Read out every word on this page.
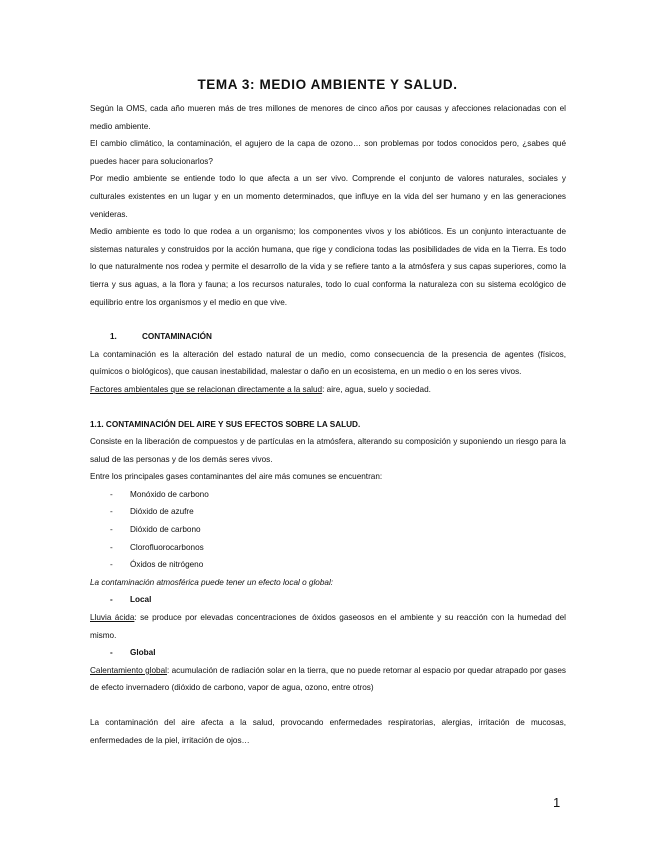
TEMA 3: MEDIO AMBIENTE Y SALUD.

Según la OMS, cada año mueren más de tres millones de menores de cinco años por causas y afecciones relacionadas con el medio ambiente.

El cambio climático, la contaminación, el agujero de la capa de ozono… son problemas por todos conocidos pero, ¿sabes qué puedes hacer para solucionarlos?

Por medio ambiente se entiende todo lo que afecta a un ser vivo. Comprende el conjunto de valores naturales, sociales y culturales existentes en un lugar y en un momento determinados, que influye en la vida del ser humano y en las generaciones venideras.

Medio ambiente es todo lo que rodea a un organismo; los componentes vivos y los abióticos. Es un conjunto interactuante de sistemas naturales y construidos por la acción humana, que rige y condiciona todas las posibilidades de vida en la Tierra. Es todo lo que naturalmente nos rodea y permite el desarrollo de la vida y se refiere tanto a la atmósfera y sus capas superiores, como la tierra y sus aguas, a la flora y fauna; a los recursos naturales, todo lo cual conforma la naturaleza con su sistema ecológico de equilibrio entre los organismos y el medio en que vive.

1.	CONTAMINACIÓN

La contaminación es la alteración del estado natural de un medio, como consecuencia de la presencia de agentes (físicos, químicos o biológicos), que causan inestabilidad, malestar o daño en un ecosistema, en un medio o en los seres vivos.

Factores ambientales que se relacionan directamente a la salud: aire, agua, suelo y sociedad.

1.1. CONTAMINACIÓN DEL AIRE Y SUS EFECTOS SOBRE LA SALUD.

Consiste en la liberación de compuestos y de partículas en la atmósfera, alterando su composición y suponiendo un riesgo para la salud de las personas y de los demás seres vivos.

Entre los principales gases contaminantes del aire más comunes se encuentran:

- Monóxido de carbono
- Dióxido de azufre
- Dióxido de carbono
- Clorofluorocarbonos
- Óxidos de nitrógeno

La contaminación atmosférica puede tener un efecto local o global:

- Local

Lluvia ácida: se produce por elevadas concentraciones de óxidos gaseosos en el ambiente y su reacción con la humedad del mismo.

- Global

Calentamiento global: acumulación de radiación solar en la tierra, que no puede retornar al espacio por quedar atrapado por gases de efecto invernadero (dióxido de carbono, vapor de agua, ozono, entre otros)

La contaminación del aire afecta a la salud, provocando enfermedades respiratorias, alergias, irritación de mucosas, enfermedades de la piel, irritación de ojos…

1
